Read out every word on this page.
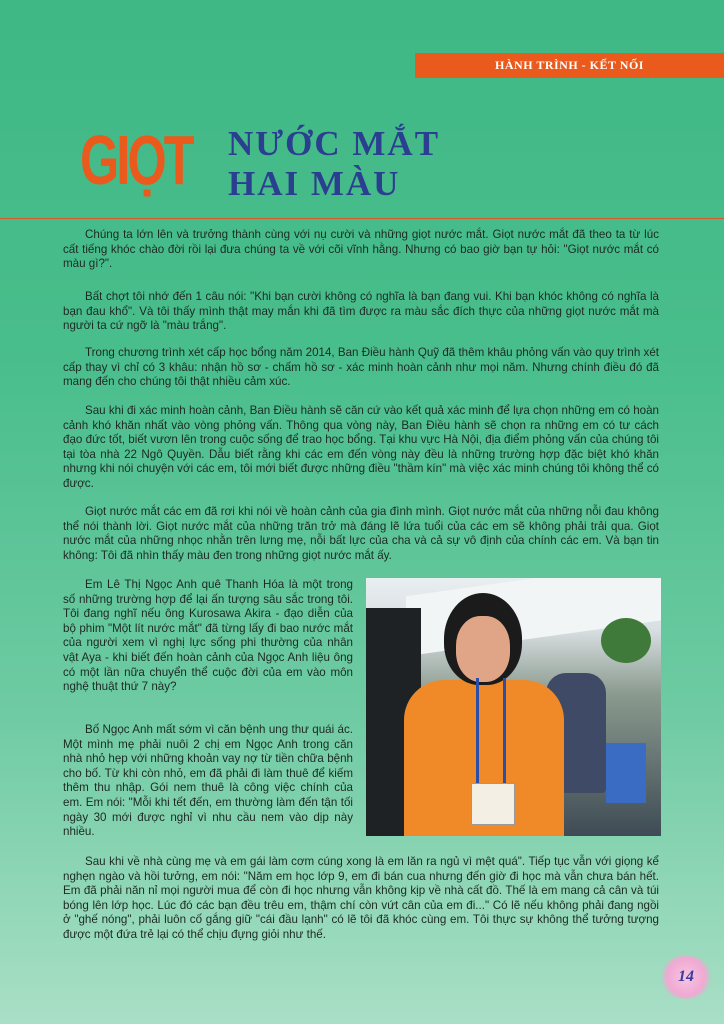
HÀNH TRÌNH - KẾT NỐI
GIỌT NƯỚC MẮT
HAI MÀU

Chúng ta lớn lên và trưởng thành cùng với nụ cười và những giọt nước mắt. Giọt nước mắt đã theo ta từ lúc cất tiếng khóc chào đời rồi lại đưa chúng ta về với cõi vĩnh hằng. Nhưng có bao giờ bạn tự hỏi: "Giọt nước mắt có màu gì?".

Bất chợt tôi nhớ đến 1 câu nói: "Khi bạn cười không có nghĩa là bạn đang vui. Khi bạn khóc không có nghĩa là bạn đau khổ". Và tôi thấy mình thật may mắn khi đã tìm được ra màu sắc đích thực của những giọt nước mắt mà người ta cứ ngỡ là "màu trắng".

Trong chương trình xét cấp học bổng năm 2014, Ban Điều hành Quỹ đã thêm khâu phỏng vấn vào quy trình xét cấp thay vì chỉ có 3 khâu: nhận hồ sơ - chấm hồ sơ - xác minh hoàn cảnh như mọi năm. Nhưng chính điều đó đã mang đến cho chúng tôi thật nhiều cảm xúc.

Sau khi đi xác minh hoàn cảnh, Ban Điều hành sẽ căn cứ vào kết quả xác minh để lựa chọn những em có hoàn cảnh khó khăn nhất vào vòng phỏng vấn. Thông qua vòng này, Ban Điều hành sẽ chọn ra những em có tư cách đạo đức tốt, biết vươn lên trong cuộc sống để trao học bổng. Tại khu vực Hà Nội, địa điểm phỏng vấn của chúng tôi tại tòa nhà 22 Ngô Quyền. Dẫu biết rằng khi các em đến vòng này đều là những trường hợp đặc biệt khó khăn nhưng khi nói chuyện với các em, tôi mới biết được những điều "thầm kín" mà việc xác minh chúng tôi không thể có được.

Giọt nước mắt các em đã rơi khi nói về hoàn cảnh của gia đình mình. Giọt nước mắt của những nỗi đau không thể nói thành lời. Giọt nước mắt của những trăn trở mà đáng lẽ lứa tuổi của các em sẽ không phải trải qua. Giọt nước mắt của những nhọc nhằn trên lưng mẹ, nỗi bất lực của cha và cả sự vô định của chính các em. Và bạn tin không: Tôi đã nhìn thấy màu đen trong những giọt nước mắt ấy.

Em Lê Thị Ngọc Anh quê Thanh Hóa là một trong số những trường hợp để lại ấn tượng sâu sắc trong tôi. Tôi đang nghĩ nếu ông Kurosawa Akira - đạo diễn của bộ phim "Một lít nước mắt" đã từng lấy đi bao nước mắt của người xem vì nghị lực sống phi thường của nhân vật Aya - khi biết đến hoàn cảnh của Ngọc Anh liệu ông có một lần nữa chuyển thể cuộc đời của em vào môn nghệ thuật thứ 7 này?

Bố Ngọc Anh mất sớm vì căn bệnh ung thư quái ác. Một mình mẹ phải nuôi 2 chị em Ngọc Anh trong căn nhà nhỏ hẹp với những khoản vay nợ từ tiền chữa bệnh cho bố. Từ khi còn nhỏ, em đã phải đi làm thuê để kiếm thêm thu nhập. Gói nem thuê là công việc chính của em. Em nói: "Mỗi khi tết đến, em thường làm đến tận tối ngày 30 mới được nghỉ vì nhu cầu nem vào dịp này nhiều.

Sau khi về nhà cùng mẹ và em gái làm cơm cúng xong là em lăn ra ngủ vì mệt quá". Tiếp tục vẫn với giọng kể nghẹn ngào và hồi tưởng, em nói: "Năm em học lớp 9, em đi bán cua nhưng đến giờ đi học mà vẫn chưa bán hết. Em đã phải năn nỉ mọi người mua để còn đi học nhưng vẫn không kịp về nhà cất đồ. Thế là em mang cả cân và túi bóng lên lớp học. Lúc đó các bạn đều trêu em, thậm chí còn vứt cân của em đi..." Có lẽ nếu không phải đang ngồi ở "ghế nóng", phải luôn cố gắng giữ "cái đầu lạnh" có lẽ tôi đã khóc cùng em. Tôi thực sự không thể tưởng tượng được một đứa trẻ lại có thể chịu đựng giỏi như thế.

14
